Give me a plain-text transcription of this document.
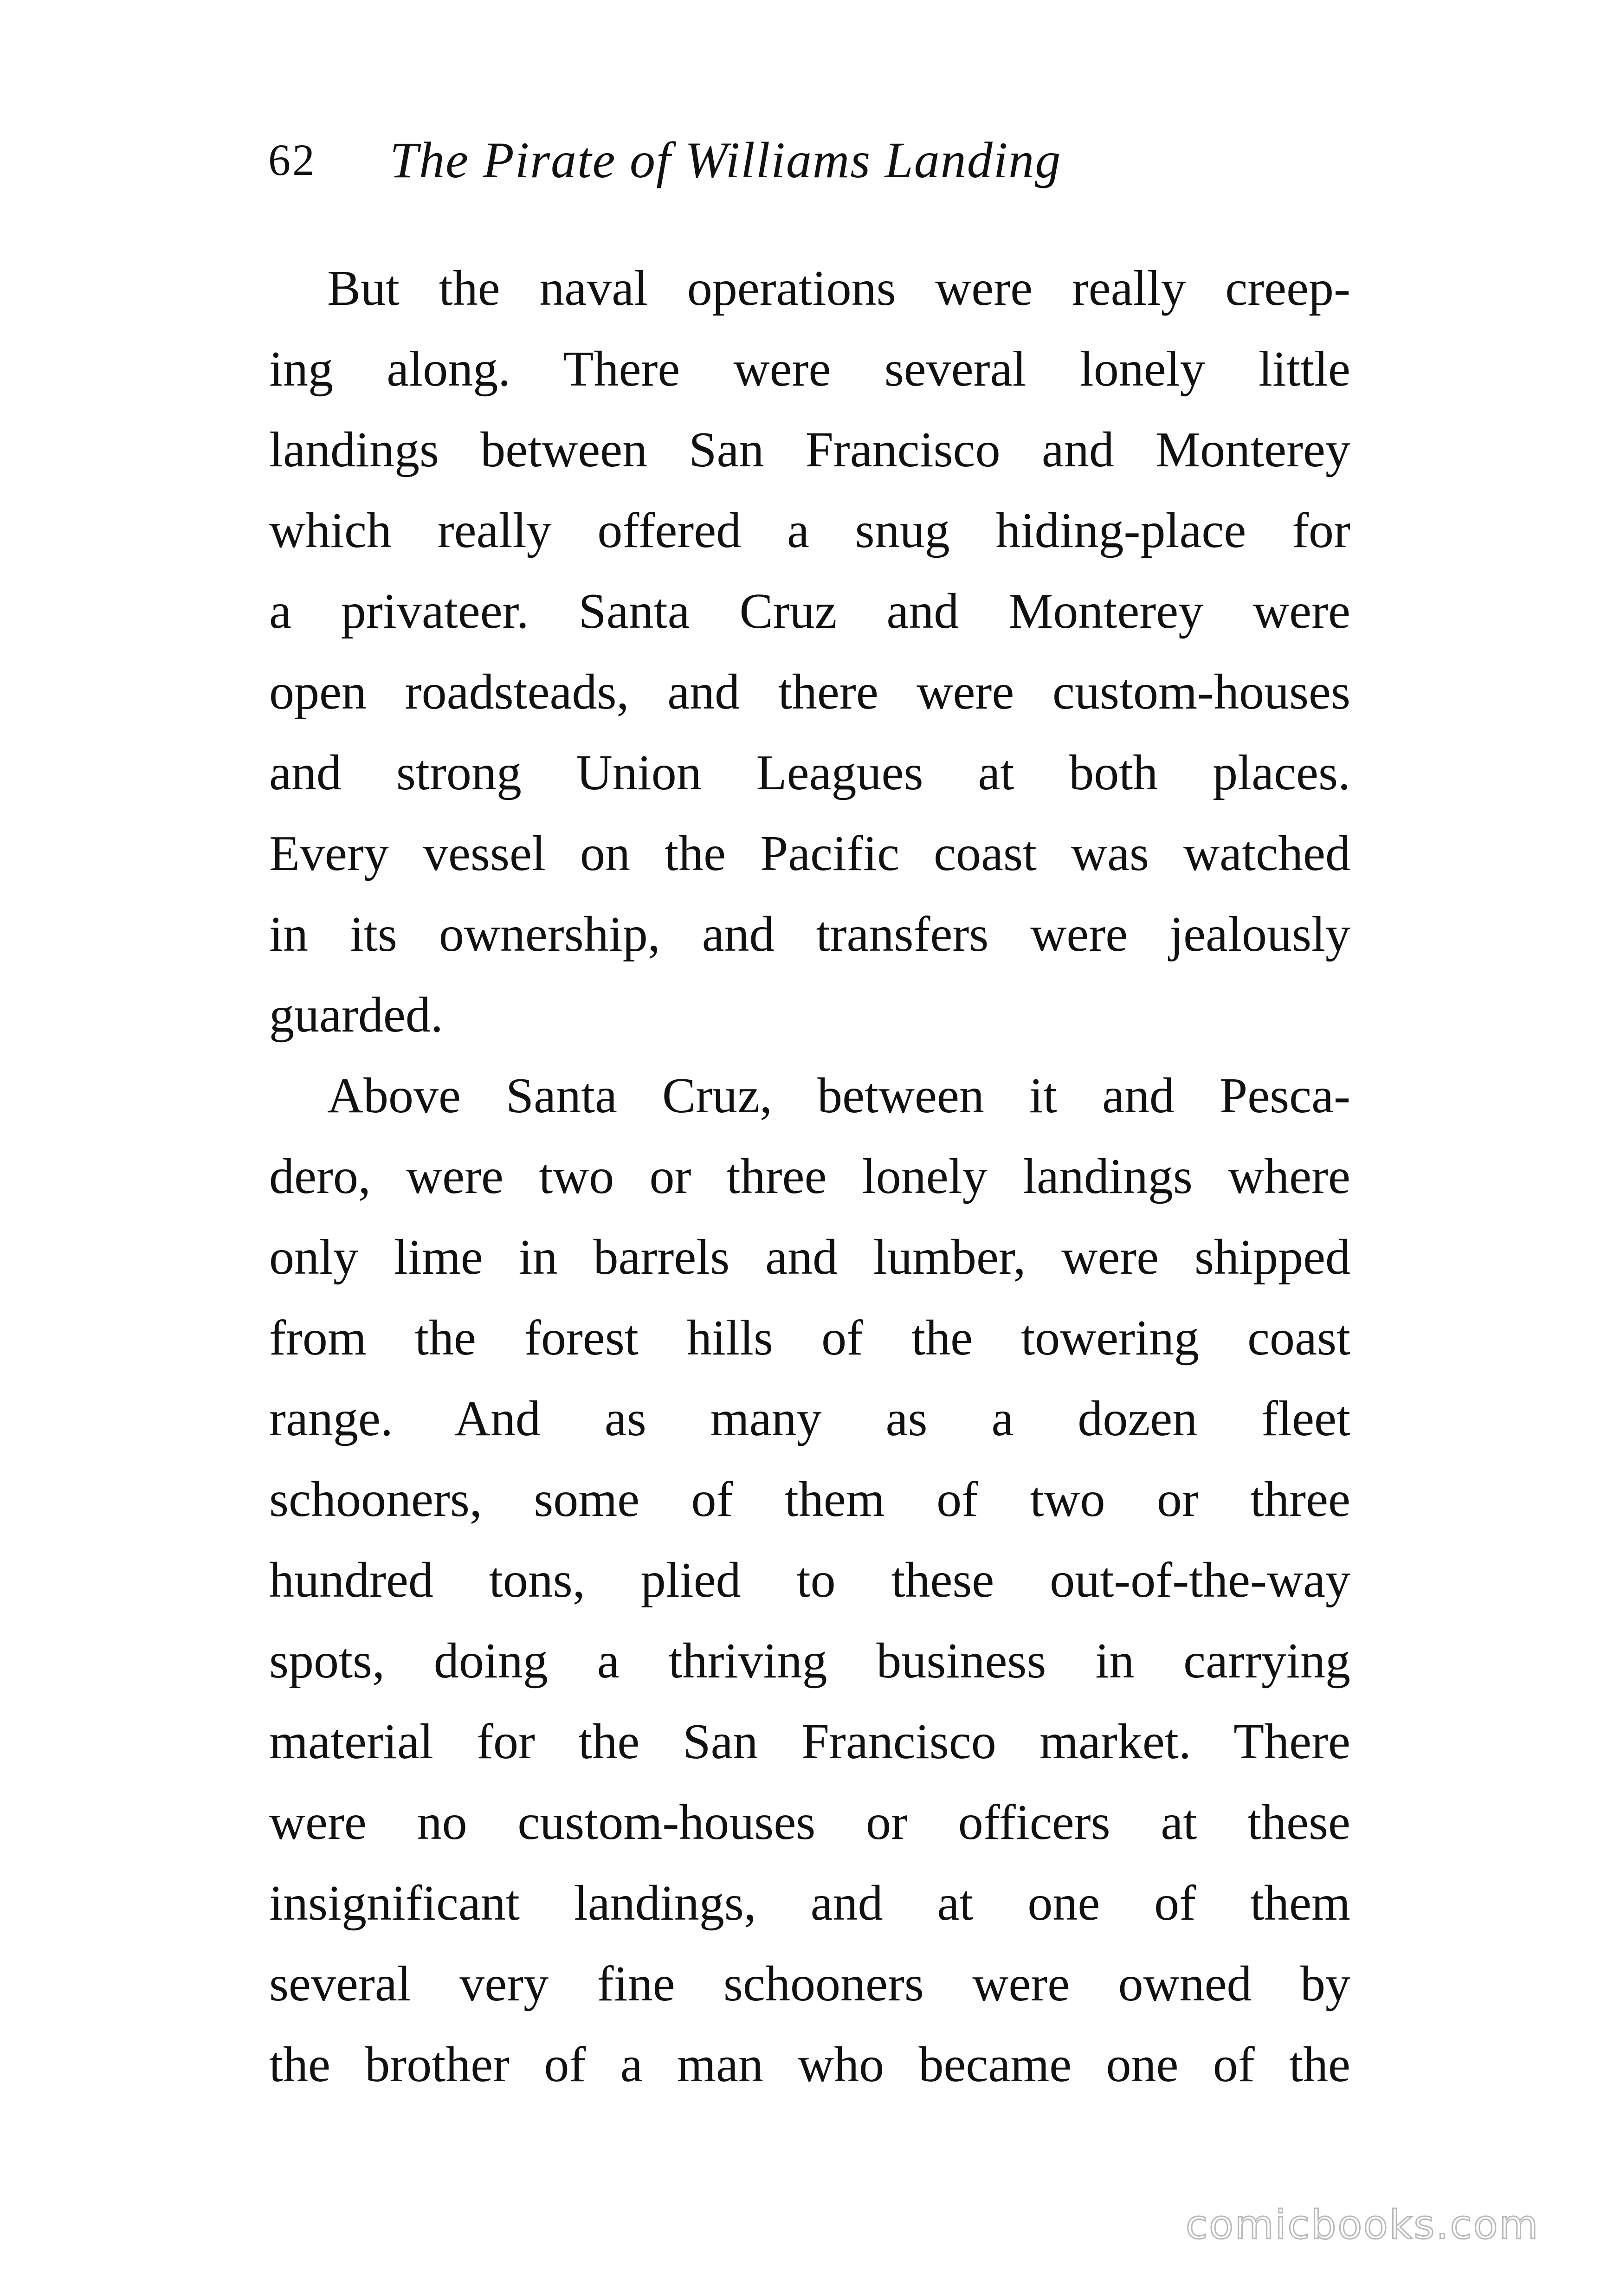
62 The Pirate of Williams Landing
But the naval operations were really creep-
ing along. There were several lonely little
landings between San Francisco and Monterey
which really offered a snug hiding-place for
a privateer. Santa Cruz and Monterey were
open roadsteads, and there were custom-houses
and strong Union Leagues at both places.
Every vessel on the Pacific coast was watched
in its ownership, and transfers were jealously
guarded.
Above Santa Cruz, between it and Pesca-
dero, were two or three lonely landings where
only lime in barrels and lumber, were shipped
from the forest hills of the towering coast
range. And as many as a dozen fleet
schooners, some of them of two or three
hundred tons, plied to these out-of-the-way
spots, doing a thriving business in carrying
material for the San Francisco market. There
were no custom-houses or officers at these
insignificant landings, and at one of them
several very fine schooners were owned by
the brother of a man who became one of the
comicbooks.com
